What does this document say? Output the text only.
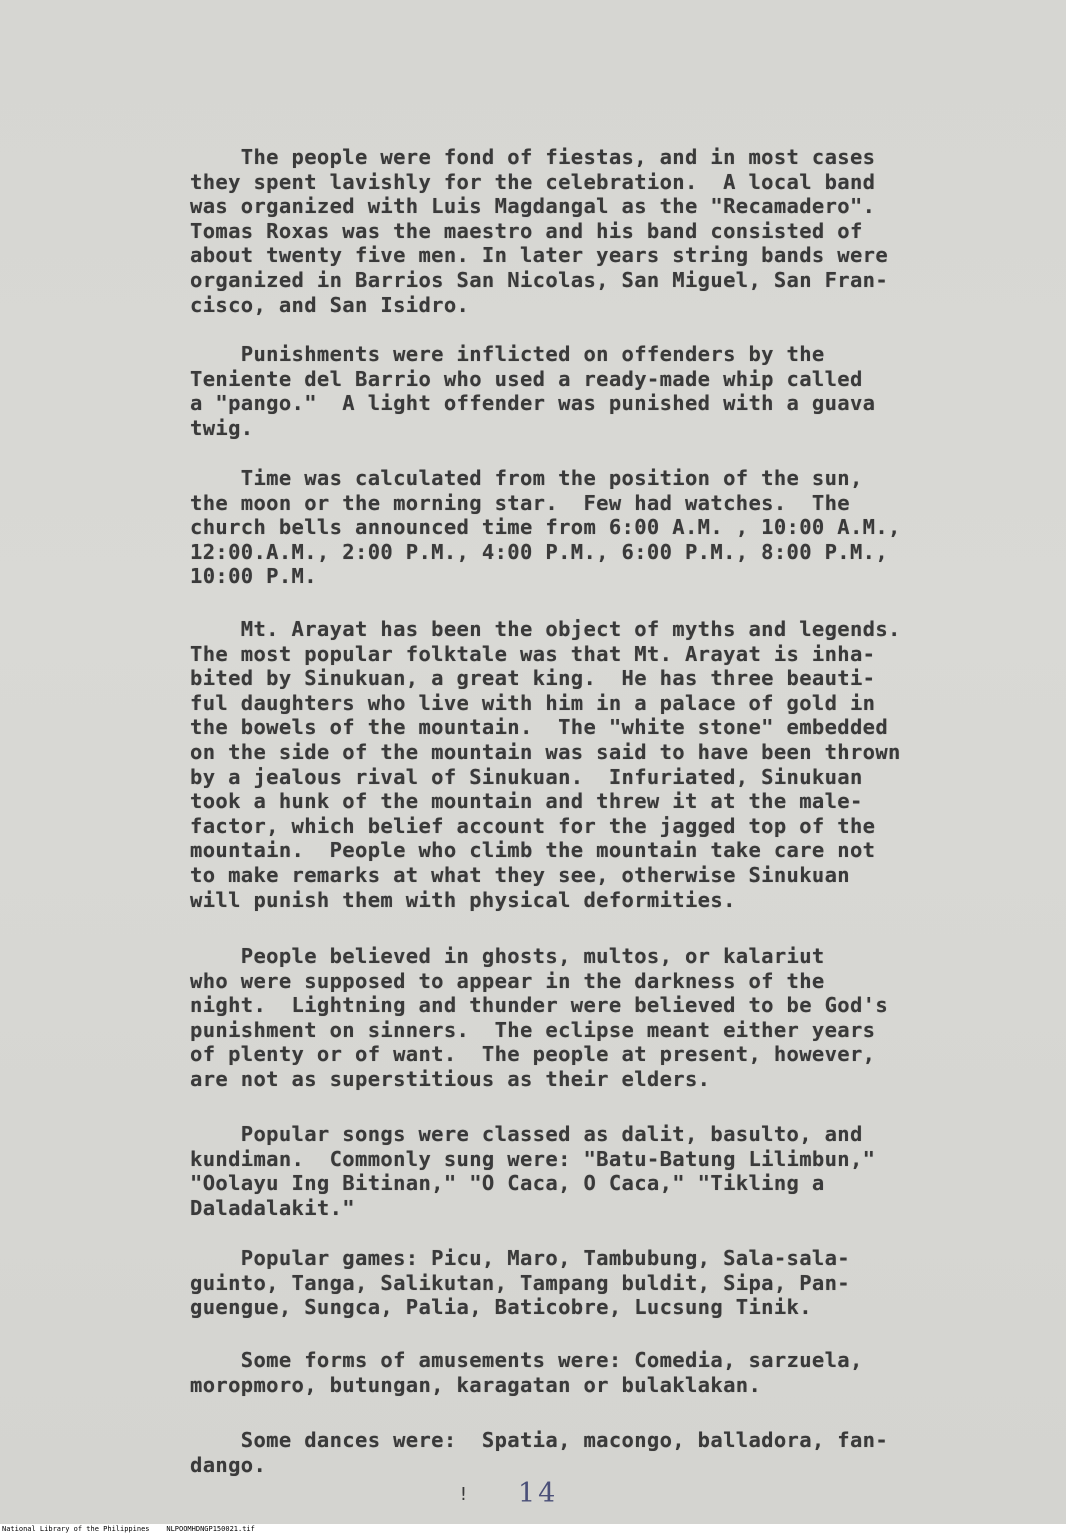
The people were fond of fiestas, and in most cases
they spent lavishly for the celebration.  A local band
was organized with Luis Magdangal as the "Recamadero".
Tomas Roxas was the maestro and his band consisted of
about twenty five men. In later years string bands were
organized in Barrios San Nicolas, San Miguel, San Fran-
cisco, and San Isidro.
Punishments were inflicted on offenders by the
Teniente del Barrio who used a ready-made whip called
a "pango."  A light offender was punished with a guava
twig.
Time was calculated from the position of the sun,
the moon or the morning star.  Few had watches.  The
church bells announced time from 6:00 A.M. , 10:00 A.M.,
12:00.A.M., 2:00 P.M., 4:00 P.M., 6:00 P.M., 8:00 P.M.,
10:00 P.M.
Mt. Arayat has been the object of myths and legends.
The most popular folktale was that Mt. Arayat is inha-
bited by Sinukuan, a great king.  He has three beauti-
ful daughters who live with him in a palace of gold in
the bowels of the mountain.  The "white stone" embedded
on the side of the mountain was said to have been thrown
by a jealous rival of Sinukuan.  Infuriated, Sinukuan
took a hunk of the mountain and threw it at the male-
factor, which belief account for the jagged top of the
mountain.  People who climb the mountain take care not
to make remarks at what they see, otherwise Sinukuan
will punish them with physical deformities.
People believed in ghosts, multos, or kalariut
who were supposed to appear in the darkness of the
night.  Lightning and thunder were believed to be God's
punishment on sinners.  The eclipse meant either years
of plenty or of want.  The people at present, however,
are not as superstitious as their elders.
Popular songs were classed as dalit, basulto, and
kundiman.  Commonly sung were: "Batu-Batung Lilimbun,"
"Oolayu Ing Bitinan," "O Caca, O Caca," "Tikling a
Daladalakit."
Popular games: Picu, Maro, Tambubung, Sala-sala-
guinto, Tanga, Salikutan, Tampang buldit, Sipa, Pan-
guengue, Sungca, Palia, Baticobre, Lucsung Tinik.
Some forms of amusements were: Comedia, sarzuela,
moropmoro, butungan, karagatan or bulaklakan.
Some dances were:  Spatia, macongo, balladora, fan-
dango.
! 14
National Library of the Philippines    NLPOOMHDNGP150021.tif
